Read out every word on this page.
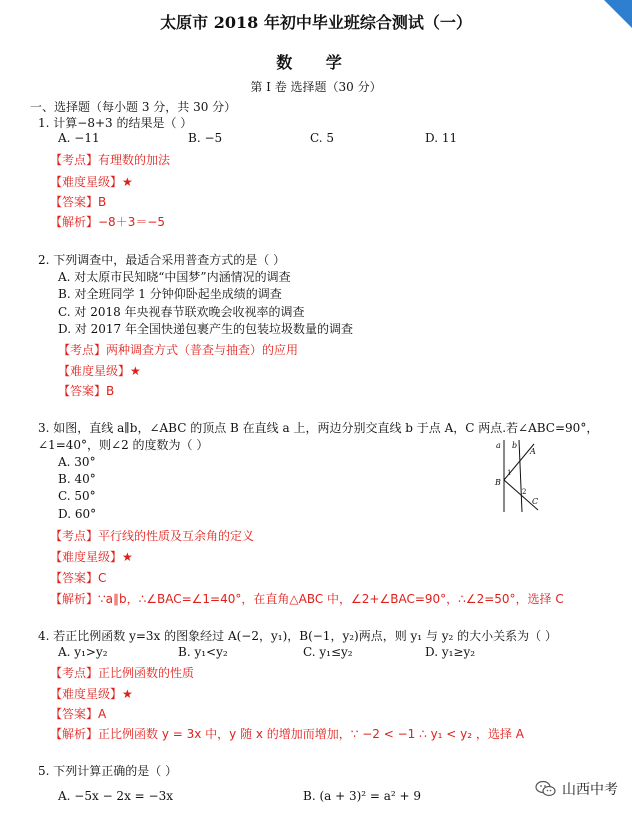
太原市 2018 年初中毕业班综合测试（一）
数 学
第 I 卷 选择题（30 分）
一、选择题（每小题 3 分，共 30 分）
1. 计算−8+3 的结果是（ ）
A. −11	B. −5	C. 5	D. 11
【考点】有理数的加法
【难度星级】★
【答案】B
【解析】−8＋3＝−5
2. 下列调查中，最适合采用普查方式的是（ ）
A. 对太原市民知晓“中国梦”内涵情况的调查
B. 对全班同学 1 分钟仰卧起坐成绩的调查
C. 对 2018 年央视春节联欢晚会收视率的调查
D. 对 2017 年全国快递包裹产生的包装垃圾数量的调查
【考点】两种调查方式（普查与抽查）的应用
【难度星级】★
【答案】B
3. 如图，直线 a∥b，∠ABC 的顶点 B 在直线 a 上，两边分别交直线 b 于点 A，C 两点.若∠ABC=90°，
∠1=40°，则∠2 的度数为（ ）
A. 30°
B. 40°
C. 50°
D. 60°
【考点】平行线的性质及互余角的定义
【难度星级】★
【答案】C
【解析】∵a∥b，∴∠BAC=∠1=40°，在直角△ABC 中，∠2+∠BAC=90°，∴∠2=50°，选择 C
a b
A
B
C
1
2
4. 若正比例函数 y=3x 的图象经过 A(−2，y₁)，B(−1，y₂)两点，则 y₁ 与 y₂ 的大小关系为（ ）
A. y₁>y₂	B. y₁<y₂	C. y₁≤y₂	D. y₁≥y₂
【考点】正比例函数的性质
【难度星级】★
【答案】A
【解析】正比例函数 y = 3x 中，y 随 x 的增加而增加，∵ −2 < −1 ∴ y₁ < y₂ ，选择 A
5. 下列计算正确的是（ ）
A. −5x − 2x = −3x	B. (a + 3)² = a² + 9	山西中考
